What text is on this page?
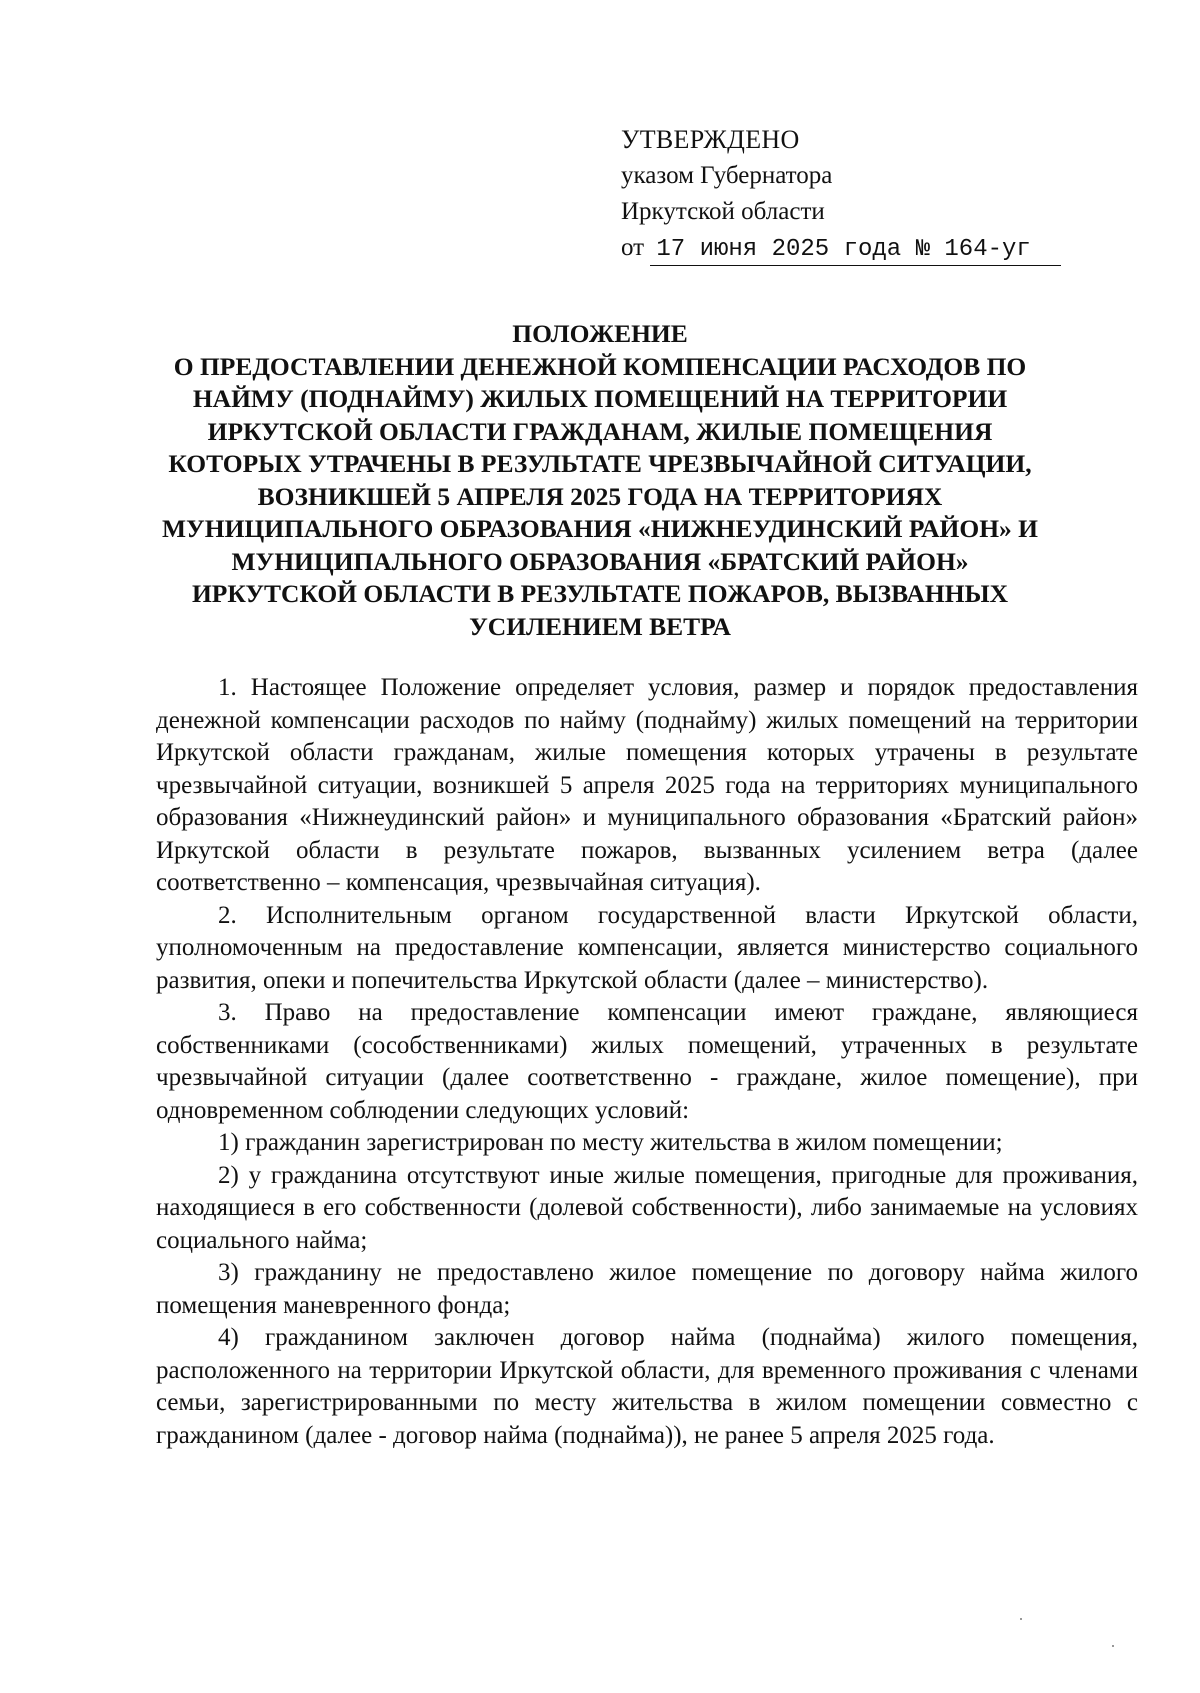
УТВЕРЖДЕНО
указом Губернатора
Иркутской области
от 17 июня 2025 года № 164-уг
ПОЛОЖЕНИЕ
О ПРЕДОСТАВЛЕНИИ ДЕНЕЖНОЙ КОМПЕНСАЦИИ РАСХОДОВ ПО
НАЙМУ (ПОДНАЙМУ) ЖИЛЫХ ПОМЕЩЕНИЙ НА ТЕРРИТОРИИ
ИРКУТСКОЙ ОБЛАСТИ ГРАЖДАНАМ, ЖИЛЫЕ ПОМЕЩЕНИЯ
КОТОРЫХ УТРАЧЕНЫ В РЕЗУЛЬТАТЕ ЧРЕЗВЫЧАЙНОЙ СИТУАЦИИ,
ВОЗНИКШЕЙ 5 АПРЕЛЯ 2025 ГОДА НА ТЕРРИТОРИЯХ
МУНИЦИПАЛЬНОГО ОБРАЗОВАНИЯ «НИЖНЕУДИНСКИЙ РАЙОН» И
МУНИЦИПАЛЬНОГО ОБРАЗОВАНИЯ «БРАТСКИЙ РАЙОН»
ИРКУТСКОЙ ОБЛАСТИ В РЕЗУЛЬТАТЕ ПОЖАРОВ, ВЫЗВАННЫХ
УСИЛЕНИЕМ ВЕТРА

1. Настоящее Положение определяет условия, размер и порядок предоставления денежной компенсации расходов по найму (поднайму) жилых помещений на территории Иркутской области гражданам, жилые помещения которых утрачены в результате чрезвычайной ситуации, возникшей 5 апреля 2025 года на территориях муниципального образования «Нижнеудинский район» и муниципального образования «Братский район» Иркутской области в результате пожаров, вызванных усилением ветра (далее соответственно – компенсация, чрезвычайная ситуация).

2. Исполнительным органом государственной власти Иркутской области, уполномоченным на предоставление компенсации, является министерство социального развития, опеки и попечительства Иркутской области (далее – министерство).

3. Право на предоставление компенсации имеют граждане, являющиеся собственниками (сособственниками) жилых помещений, утраченных в результате чрезвычайной ситуации (далее соответственно - граждане, жилое помещение), при одновременном соблюдении следующих условий:

1) гражданин зарегистрирован по месту жительства в жилом помещении;

2) у гражданина отсутствуют иные жилые помещения, пригодные для проживания, находящиеся в его собственности (долевой собственности), либо занимаемые на условиях социального найма;

3) гражданину не предоставлено жилое помещение по договору найма жилого помещения маневренного фонда;

4) гражданином заключен договор найма (поднайма) жилого помещения, расположенного на территории Иркутской области, для временного проживания с членами семьи, зарегистрированными по месту жительства в жилом помещении совместно с гражданином (далее - договор найма (поднайма)), не ранее 5 апреля 2025 года.
